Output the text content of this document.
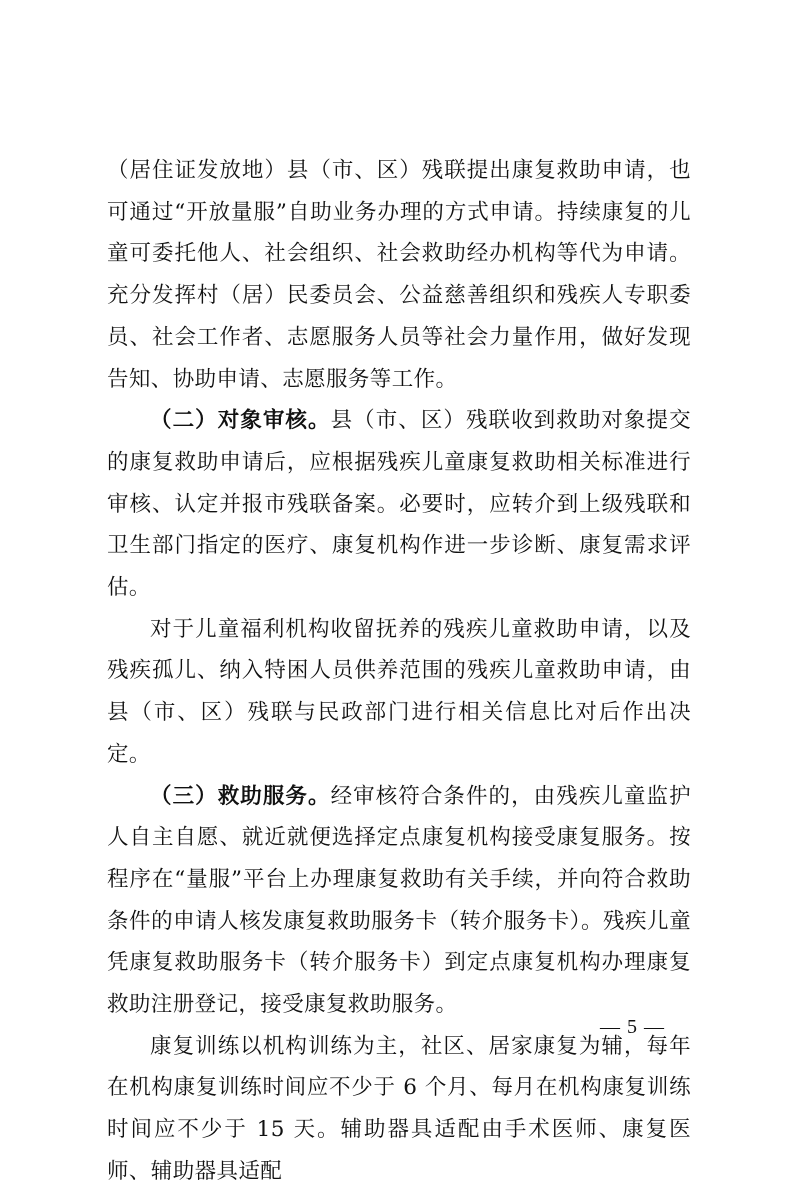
（居住证发放地）县（市、区）残联提出康复救助申请，也可通过“开放量服”自助业务办理的方式申请。持续康复的儿童可委托他人、社会组织、社会救助经办机构等代为申请。充分发挥村（居）民委员会、公益慈善组织和残疾人专职委员、社会工作者、志愿服务人员等社会力量作用，做好发现告知、协助申请、志愿服务等工作。

（二）对象审核。县（市、区）残联收到救助对象提交的康复救助申请后，应根据残疾儿童康复救助相关标准进行审核、认定并报市残联备案。必要时，应转介到上级残联和卫生部门指定的医疗、康复机构作进一步诊断、康复需求评估。

对于儿童福利机构收留抚养的残疾儿童救助申请，以及残疾孤儿、纳入特困人员供养范围的残疾儿童救助申请，由县（市、区）残联与民政部门进行相关信息比对后作出决定。

（三）救助服务。经审核符合条件的，由残疾儿童监护人自主自愿、就近就便选择定点康复机构接受康复服务。按程序在“量服”平台上办理康复救助有关手续，并向符合救助条件的申请人核发康复救助服务卡（转介服务卡）。残疾儿童凭康复救助服务卡（转介服务卡）到定点康复机构办理康复救助注册登记，接受康复救助服务。

康复训练以机构训练为主，社区、居家康复为辅，每年在机构康复训练时间应不少于 6 个月、每月在机构康复训练时间应不少于 15 天。辅助器具适配由手术医师、康复医师、辅助器具适配

— 5 —
